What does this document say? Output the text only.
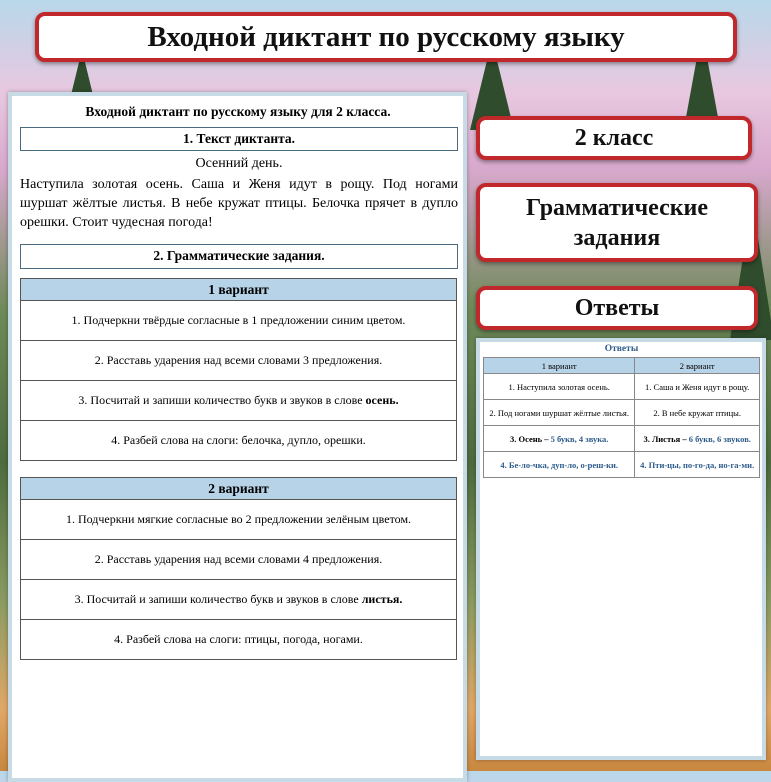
Входной диктант по русскому языку
2 класс
Грамматические задания
Ответы
Входной диктант по русскому языку для 2 класса.
1. Текст диктанта.
Осенний день.
Наступила золотая осень. Саша и Женя идут в рощу. Под ногами шуршат жёлтые листья. В небе кружат птицы. Белочка прячет в дупло орешки. Стоит чудесная погода!
2. Грамматические задания.
1 вариант
1. Подчеркни твёрдые согласные в 1 предложении синим цветом.
2. Расставь ударения над всеми словами 3 предложения.
3. Посчитай и запиши количество букв и звуков в слове осень.
4. Разбей слова на слоги: белочка, дупло, орешки.
2 вариант
1. Подчеркни мягкие согласные во 2 предложении зелёным цветом.
2. Расставь ударения над всеми словами 4 предложения.
3. Посчитай и запиши количество букв и звуков в слове листья.
4. Разбей слова на слоги: птицы, погода, ногами.
Ответы
1 вариант	2 вариант
1. Наступила золотая осень.	1. Саша и Женя идут в рощу.
2. Под ногами шуршат жёлтые листья.	2. В небе кружат птицы.
3. Осень – 5 букв, 4 звука.	3. Листья – 6 букв, 6 звуков.
4. Бе-ло-чка, дуп-ло, о-реш-ки.	4. Пти-цы, по-го-да, но-га-ми.
